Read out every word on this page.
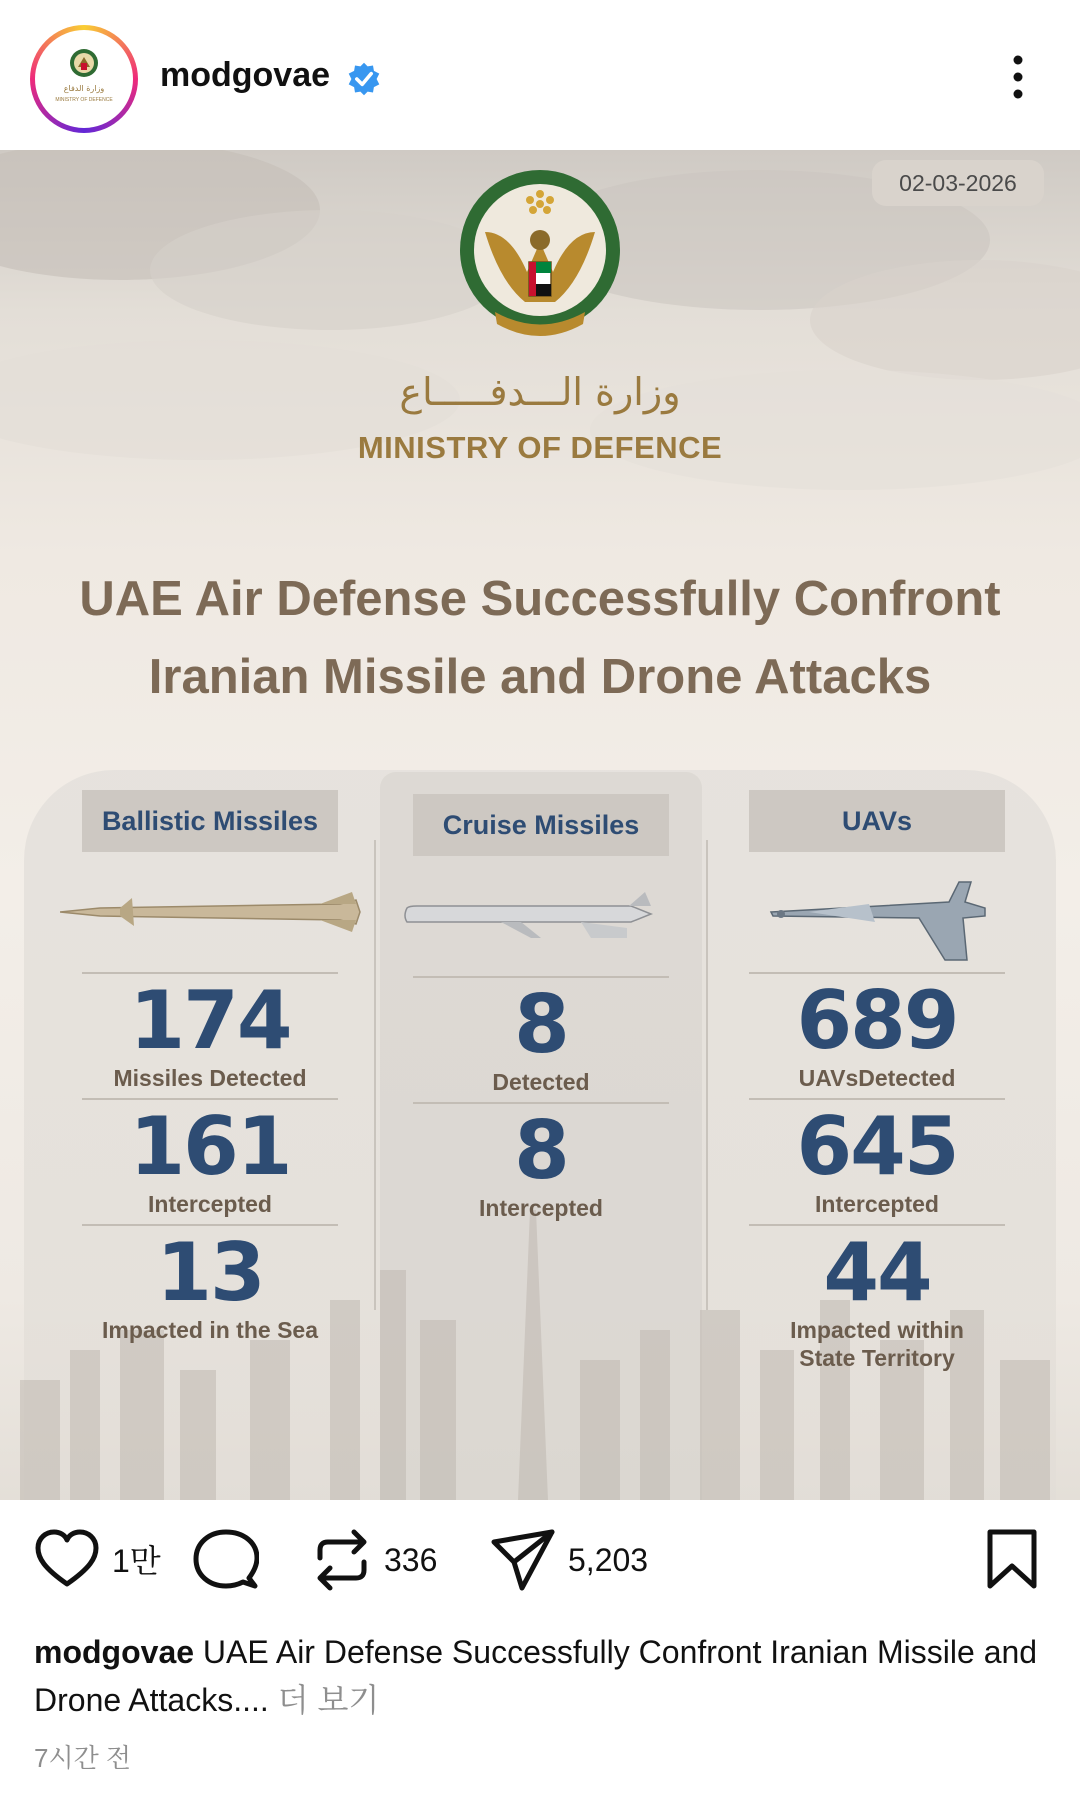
وزارة الدفاع
MINISTRY OF DEFENCE
modgovae
02-03-2026
وزارة الـــدفـــــاع
MINISTRY OF DEFENCE
UAE Air Defense Successfully Confront
Iranian Missile and Drone Attacks
Ballistic Missiles
174
Missiles Detected
161
Intercepted
13
Impacted in the Sea
Cruise Missiles
8
Detected
8
Intercepted
UAVs
689
UAVsDetected
645
Intercepted
44
Impacted within State Territory
1만	336	5,203
modgovae UAE Air Defense Successfully Confront Iranian Missile and Drone Attacks.... 더 보기
7시간 전
